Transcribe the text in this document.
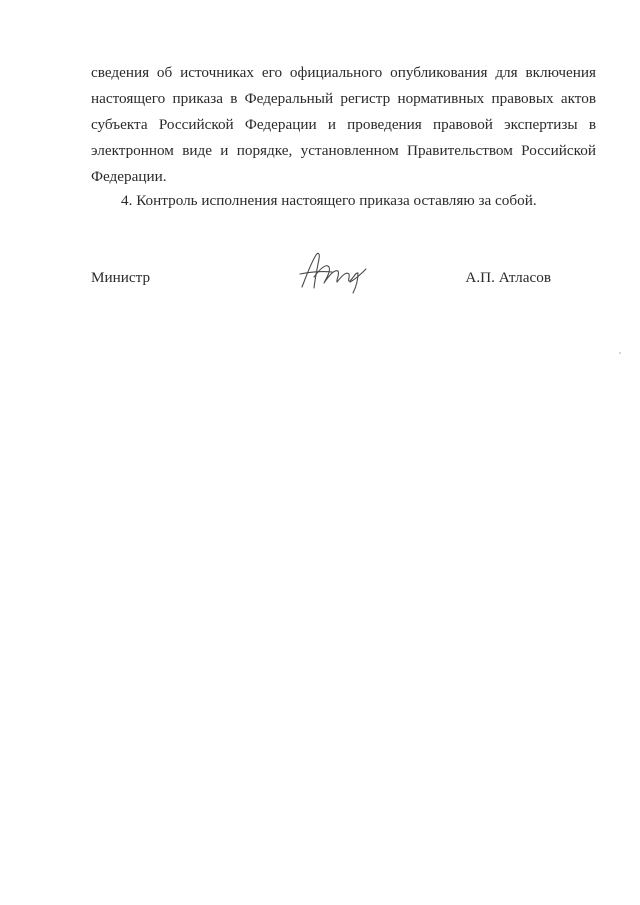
сведения об источниках его официального опубликования для включения настоящего приказа в Федеральный регистр нормативных правовых актов субъекта Российской Федерации и проведения правовой экспертизы в электронном виде и порядке, установленном Правительством Российской Федерации.
4. Контроль исполнения настоящего приказа оставляю за собой.
Министр	А.П. Атласов
